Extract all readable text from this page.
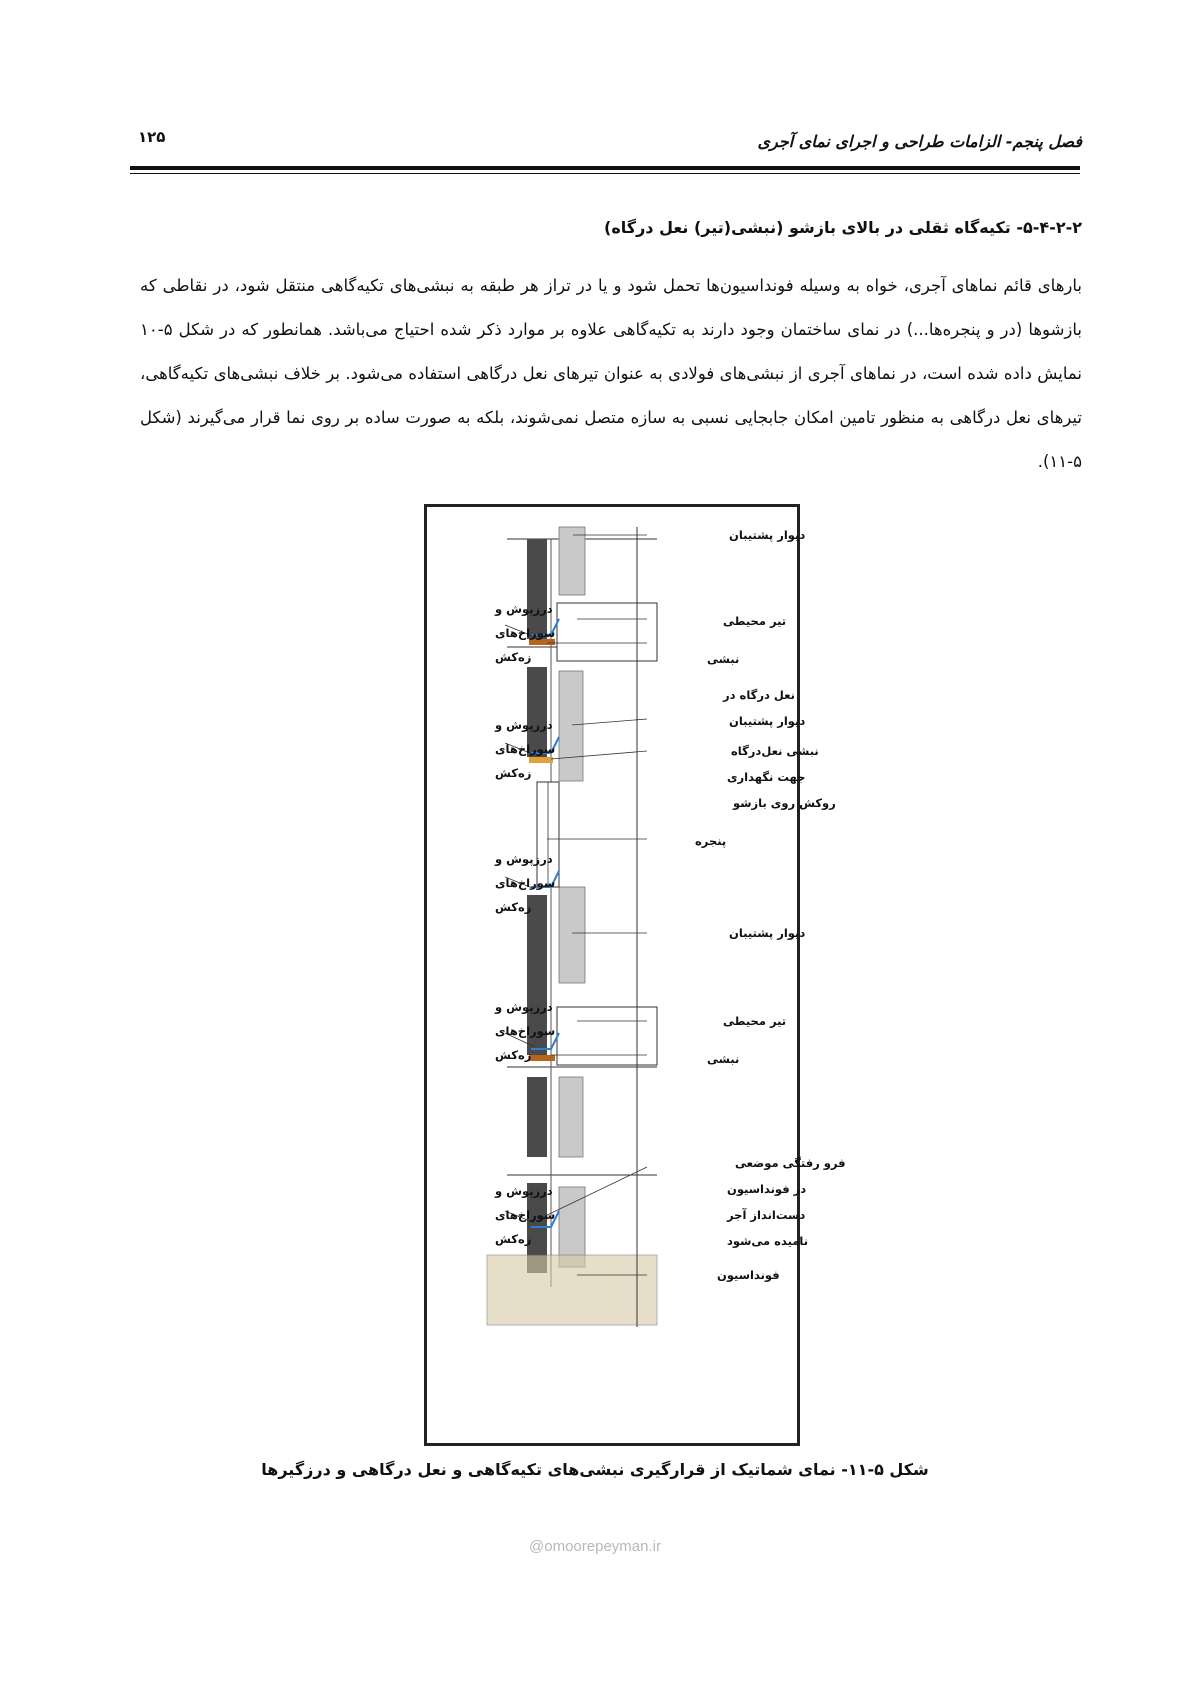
۱۲۵	فصل پنجم- الزامات طراحی و اجرای نمای آجری
۵-۴-۲-۲- تکیه‌گاه ثقلی در بالای بازشو (نبشی(تیر) نعل درگاه)
بارهای قائم نماهای آجری، خواه به وسیله فونداسیون‌ها تحمل شود و یا در تراز هر طبقه به نبشی‌های تکیه‌گاهی منتقل شود، در نقاطی که بازشوها (در و پنجره‌ها...) در نمای ساختمان وجود دارند به تکیه‌گاهی علاوه بر موارد ذکر شده احتیاج می‌باشد. همانطور که در شکل ۵-۱۰ نمایش داده شده است، در نماهای آجری از نبشی‌های فولادی به عنوان تیرهای نعل درگاهی استفاده می‌شود. بر خلاف نبشی‌های تکیه‌گاهی، تیرهای نعل درگاهی به منظور تامین امکان جابجایی نسبی به سازه متصل نمی‌شوند، بلکه به صورت ساده بر روی نما قرار می‌گیرند (شکل ۵-۱۱).
درزپوش و
سوراخ‌های
زه‌کش
درزپوش و
سوراخ‌های
زه‌کش
درزپوش و
سوراخ‌های
زه‌کش
درزپوش و
سوراخ‌های
زه‌کش
درزپوش و
سوراخ‌های
زه‌کش
دیوار پشتیبان
تیر محیطی
نبشی
نعل درگاه در
دیوار پشتیبان
نبشی نعل‌درگاه
جهت نگهداری
روکش روی بازشو
پنجره
دیوار پشتیبان
تیر محیطی
نبشی
فرو رفتگی موضعی
در فونداسیون
دست‌انداز آجر
نامیده می‌شود
فونداسیون
شکل ۵-۱۱- نمای شماتیک از قرارگیری نبشی‌های تکیه‌گاهی و نعل درگاهی و درزگیرها
@omoorepeyman.ir
